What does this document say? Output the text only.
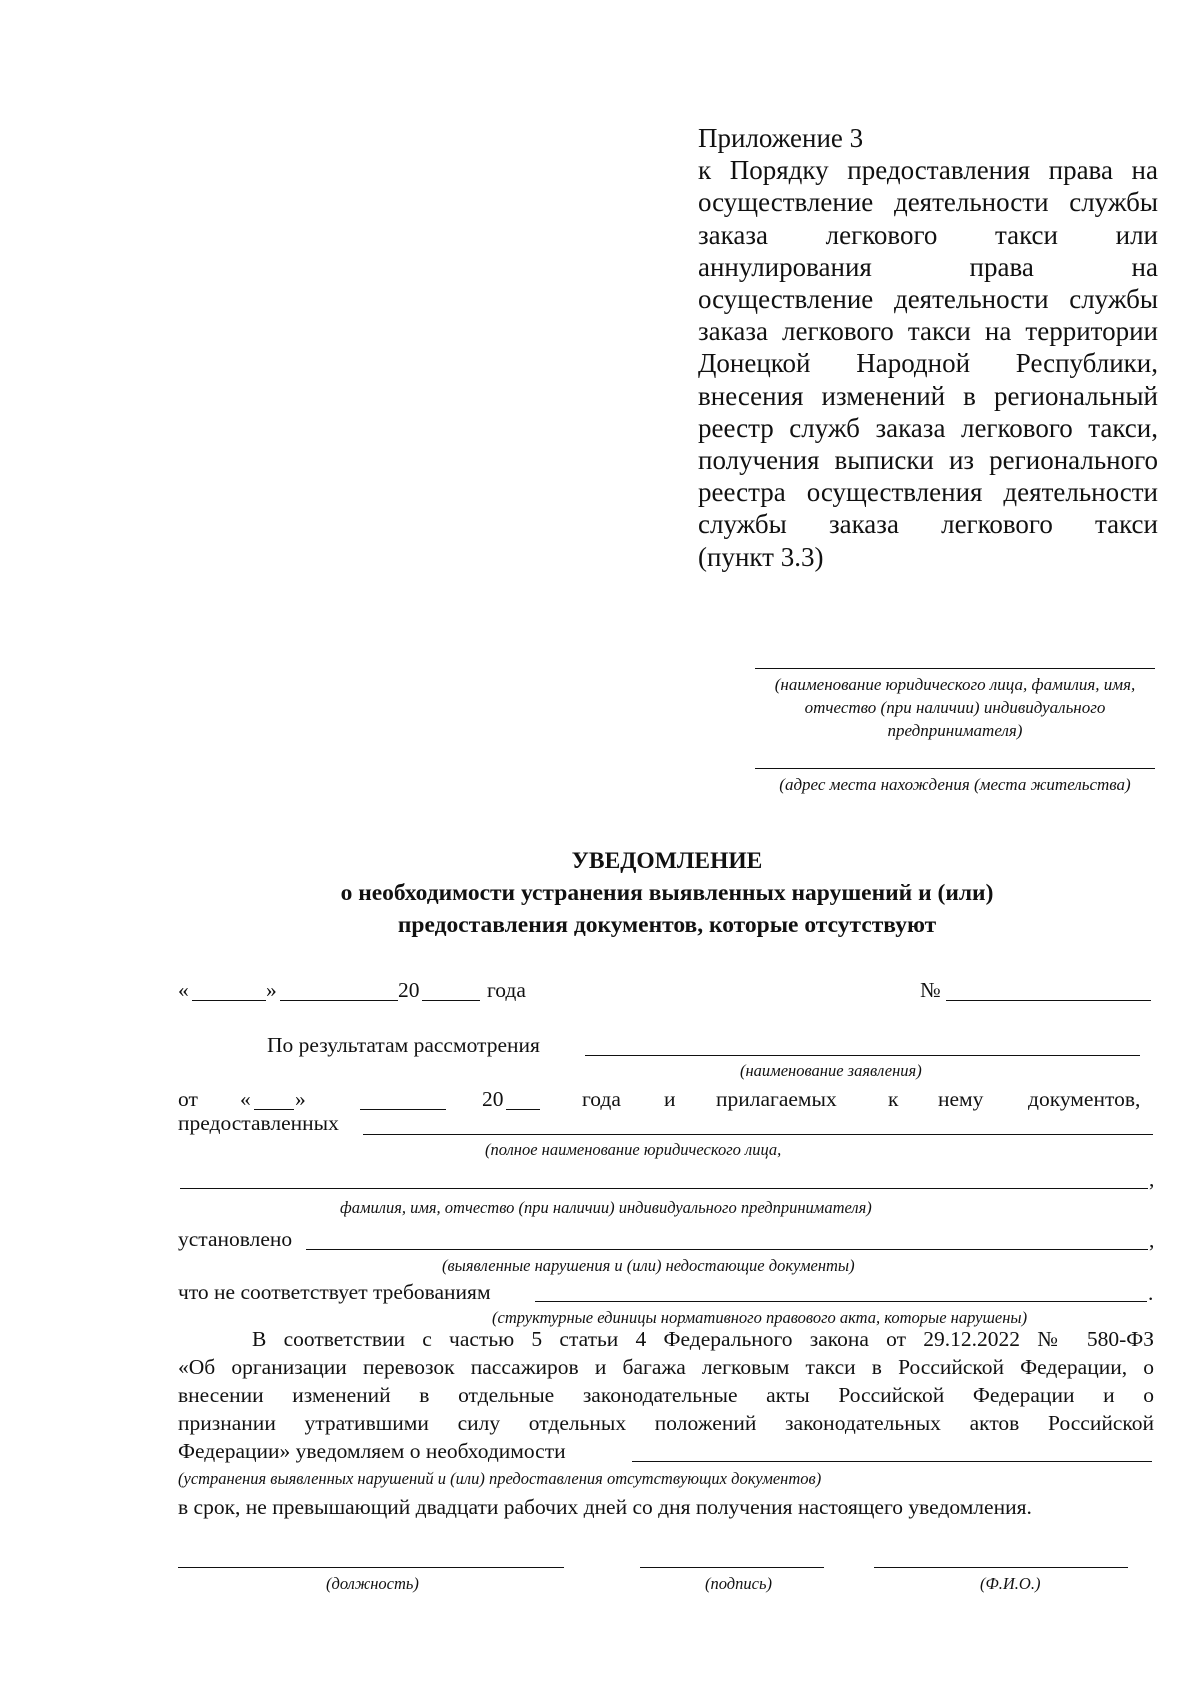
Приложение 3
к Порядку предоставления права на
осуществление деятельности службы
заказа легкового такси или
аннулирования права на
осуществление деятельности службы
заказа легкового такси на территории
Донецкой Народной Республики,
внесения изменений в региональный
реестр служб заказа легкового такси,
получения выписки из регионального
реестра осуществления деятельности
службы заказа легкового такси
(пункт 3.3)
(наименование юридического лица, фамилия, имя, отчество (при наличии) индивидуального предпринимателя)
(адрес места нахождения (места жительства)
УВЕДОМЛЕНИЕ
о необходимости устранения выявленных нарушений и (или)
предоставления документов, которые отсутствуют
«	»	20	года	№
По результатам рассмотрения
(наименование заявления)
от « »	20	года и прилагаемых к нему документов,
предоставленных
(полное наименование юридического лица,
,
фамилия, имя, отчество (при наличии) индивидуального предпринимателя)
установлено	,
(выявленные нарушения и (или) недостающие документы)
что не соответствует требованиям	.
(структурные единицы нормативного правового акта, которые нарушены)
В соответствии с частью 5 статьи 4 Федерального закона от 29.12.2022 № 580-ФЗ
«Об организации перевозок пассажиров и багажа легковым такси в Российской Федерации, о
внесении изменений в отдельные законодательные акты Российской Федерации и о
признании утратившими силу отдельных положений законодательных актов Российской
Федерации» уведомляем о необходимости
(устранения выявленных нарушений и (или) предоставления отсутствующих документов)
в срок, не превышающий двадцати рабочих дней со дня получения настоящего уведомления.
(должность)	(подпись)	(Ф.И.О.)
